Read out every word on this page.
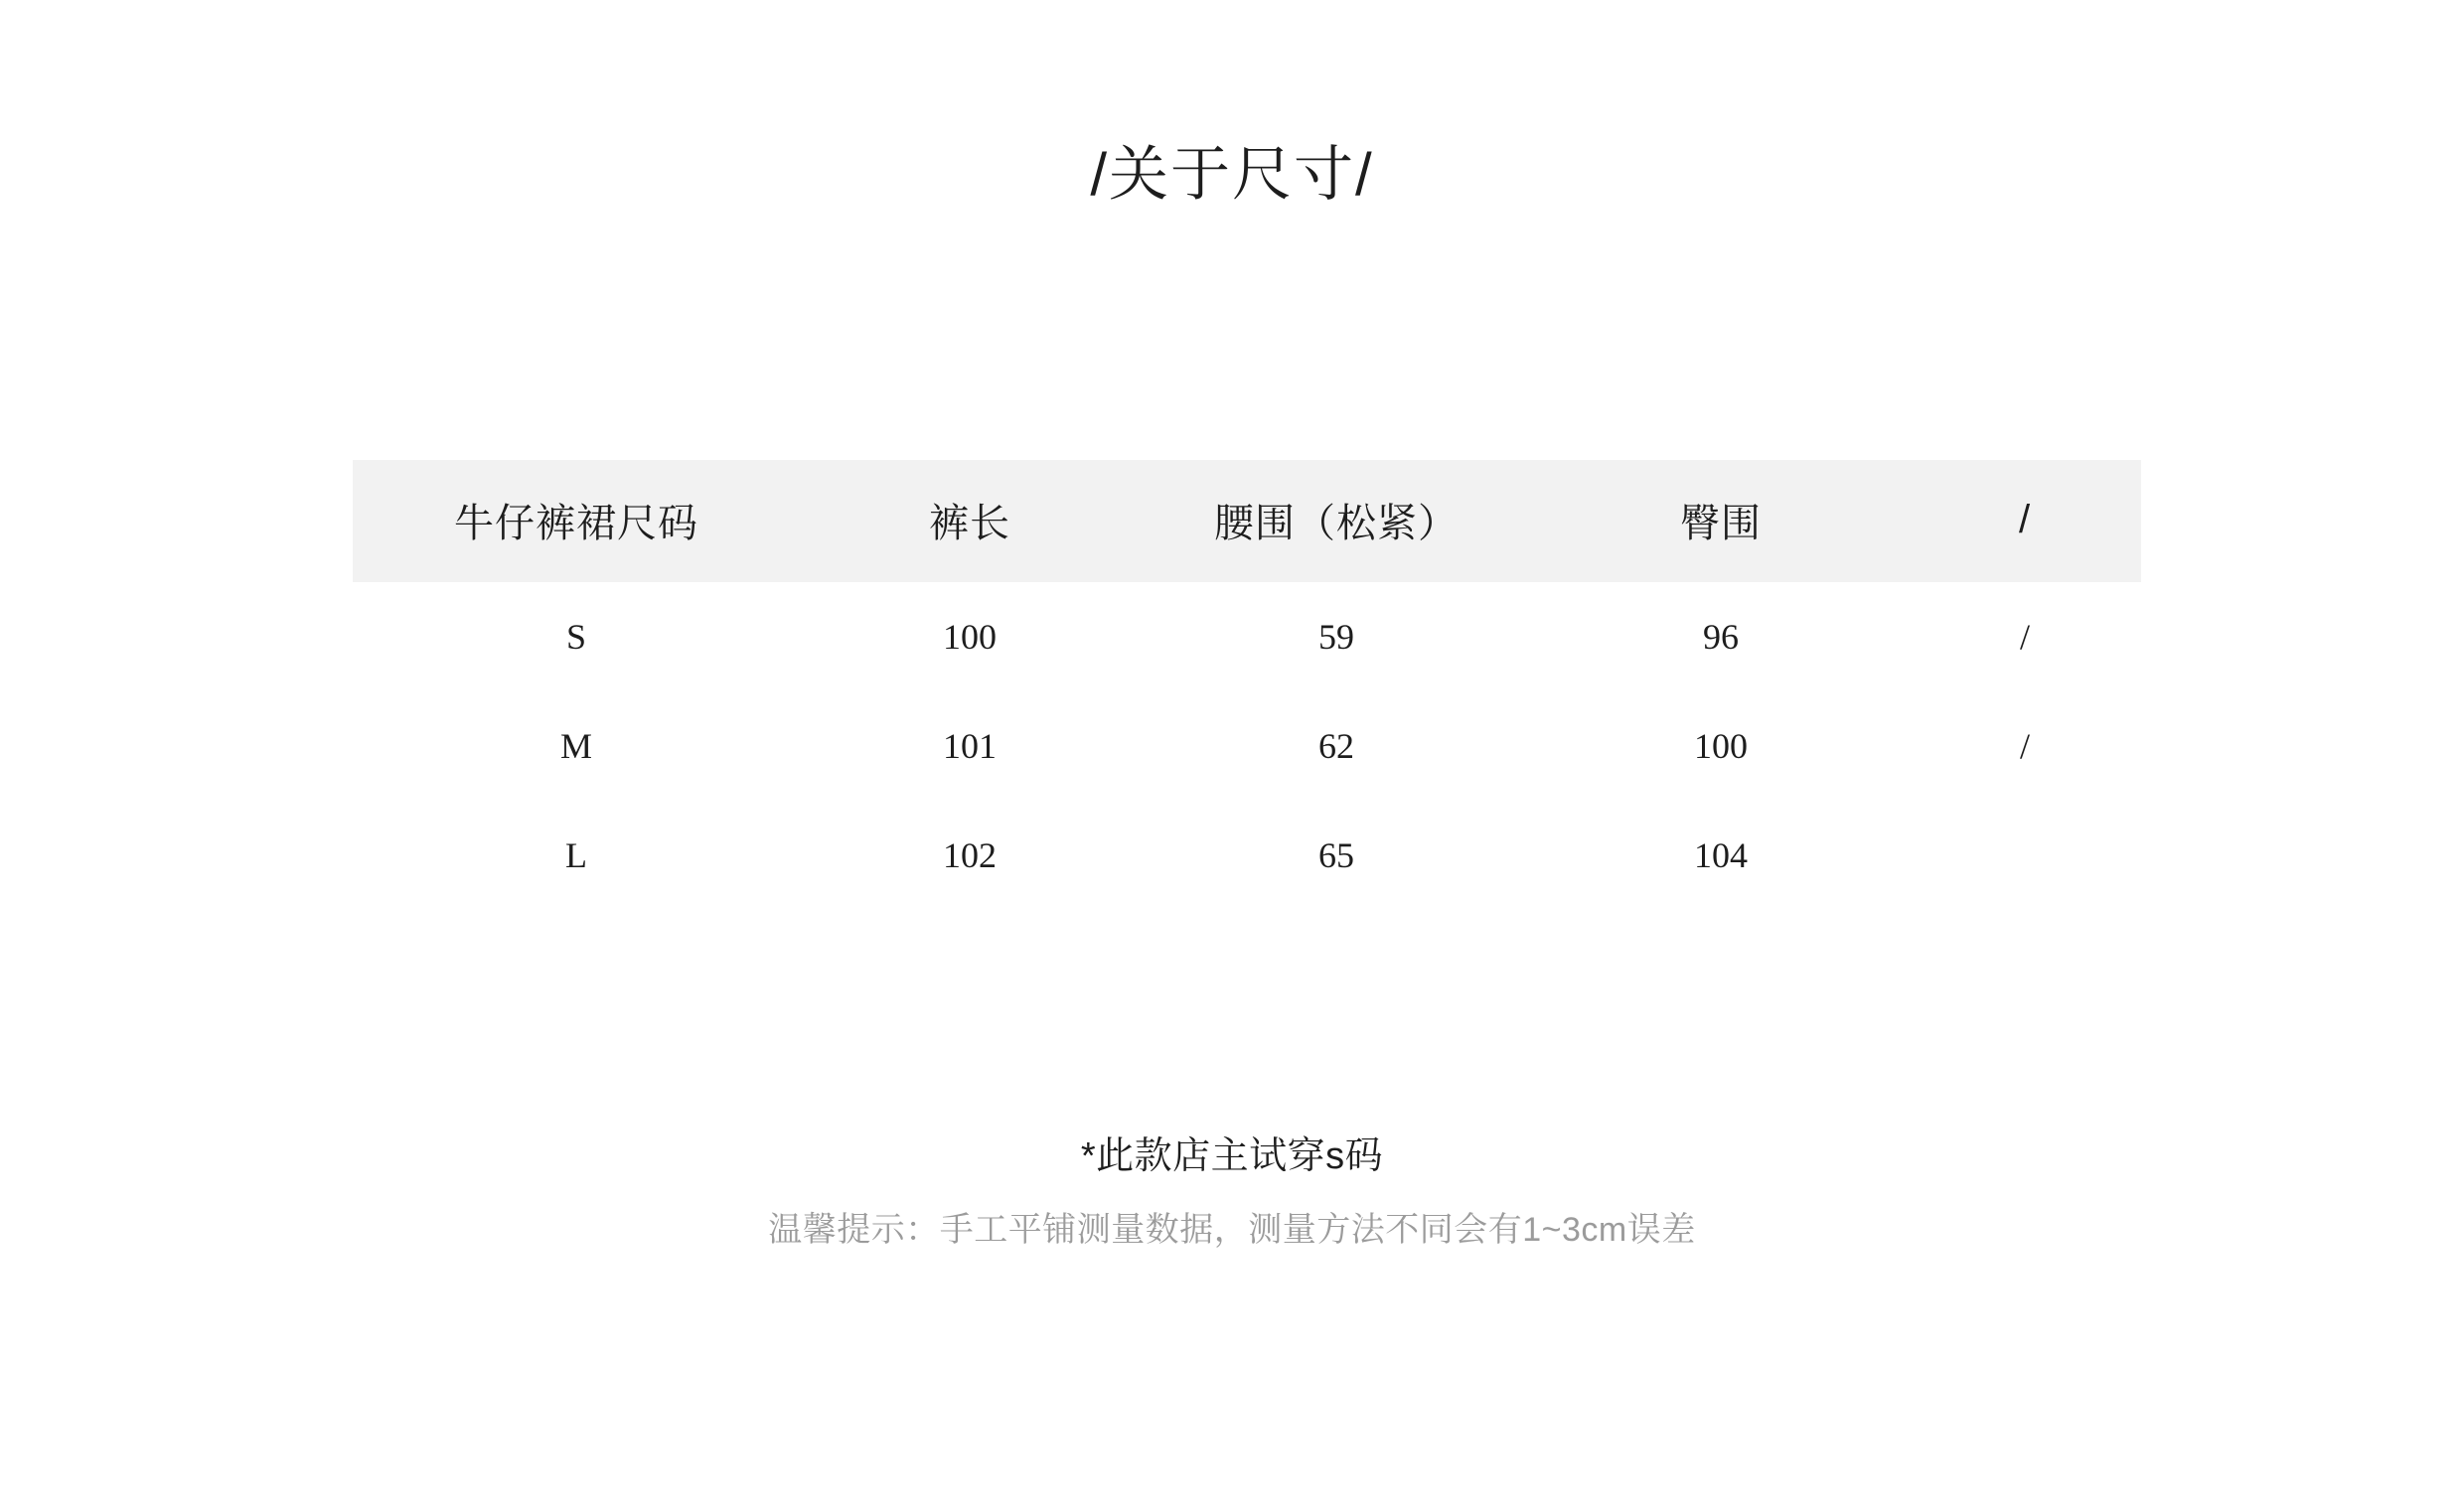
/关于尺寸/
牛仔裤裙尺码	裤长	腰围（松紧）	臀围	/
S	100	59	96	/
M	101	62	100	/
L	102	65	104	
*此款店主试穿s码
温馨提示：手工平铺测量数据，测量方法不同会有1~3cm误差
